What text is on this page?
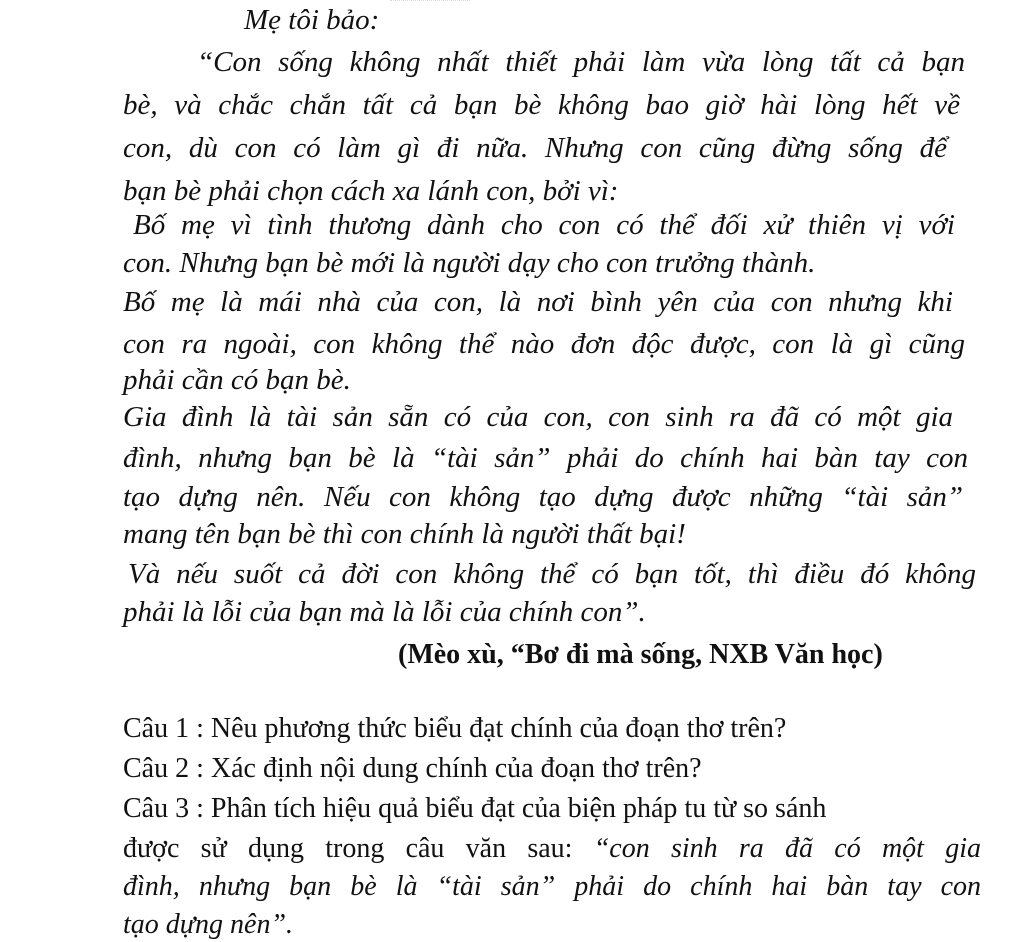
Mẹ tôi bảo:
“Con sống không nhất thiết phải làm vừa lòng tất cả bạn
bè, và chắc chắn tất cả bạn bè không bao giờ hài lòng hết về
con, dù con có làm gì đi nữa. Nhưng con cũng đừng sống để
bạn bè phải chọn cách xa lánh con, bởi vì:
Bố mẹ vì tình thương dành cho con có thể đối xử thiên vị với
con. Nhưng bạn bè mới là người dạy cho con trưởng thành.
Bố mẹ là mái nhà của con, là nơi bình yên của con nhưng khi
con ra ngoài, con không thể nào đơn độc được, con là gì cũng
phải cần có bạn bè.
Gia đình là tài sản sẵn có của con, con sinh ra đã có một gia
đình, nhưng bạn bè là “tài sản” phải do chính hai bàn tay con
tạo dựng nên. Nếu con không tạo dựng được những “tài sản”
mang tên bạn bè thì con chính là người thất bại!
Và nếu suốt cả đời con không thể có bạn tốt, thì điều đó không
phải là lỗi của bạn mà là lỗi của chính con”.
(Mèo xù, “Bơ đi mà sống, NXB Văn học)
Câu 1 : Nêu phương thức biểu đạt chính của đoạn thơ trên?
Câu 2 : Xác định nội dung chính của đoạn thơ trên?
Câu 3 : Phân tích hiệu quả biểu đạt của biện pháp tu từ so sánh
được sử dụng trong câu văn sau: “con sinh ra đã có một gia
đình, nhưng bạn bè là “tài sản” phải do chính hai bàn tay con
tạo dựng nên”.
